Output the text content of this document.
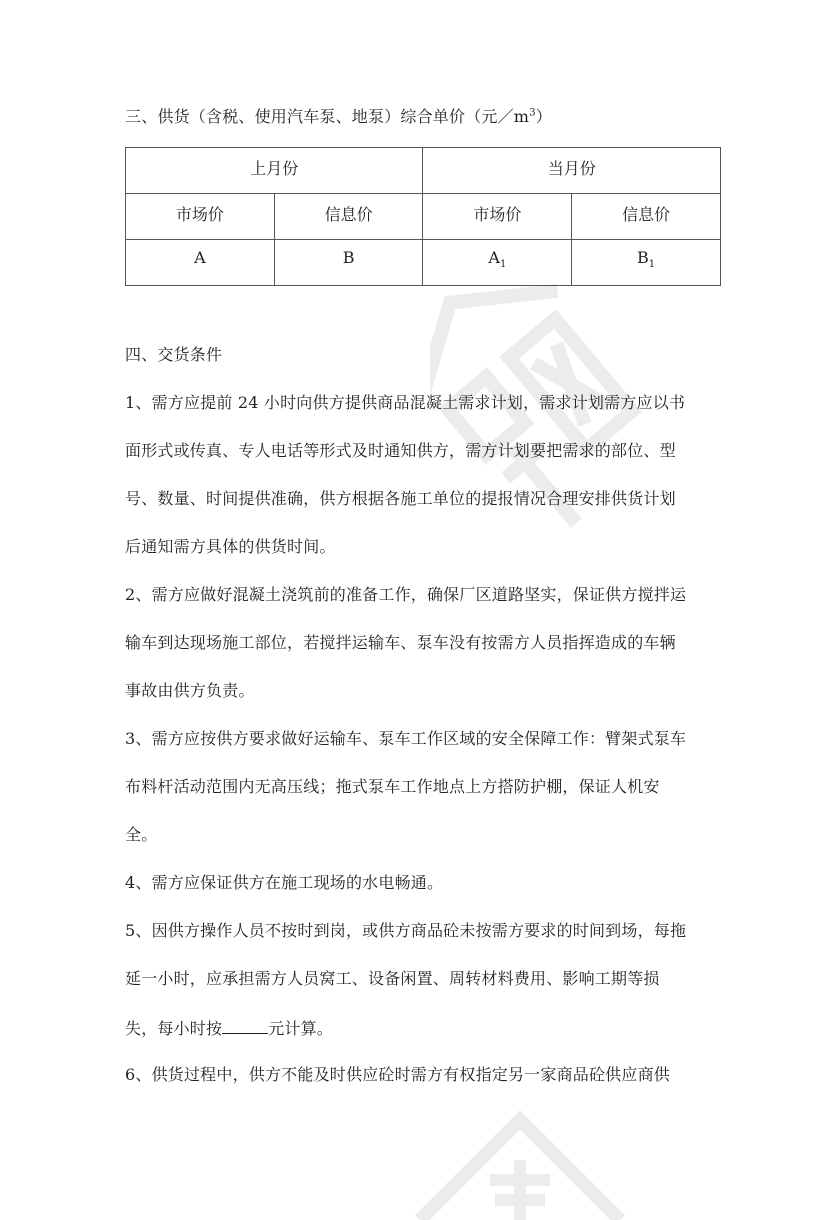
三、供货（含税、使用汽车泵、地泵）综合单价（元$/m^3$）
上月份		当月份	
市场价	信息价	市场价	信息价
A	B	$A_1$	$B_1$
四、交货条件
1、需方应提前 24 小时向供方提供商品混凝土需求计划，需求计划需方应以书
面形式或传真、专人电话等形式及时通知供方，需方计划要把需求的部位、型
号、数量、时间提供准确，供方根据各施工单位的提报情况合理安排供货计划
后通知需方具体的供货时间。
2、需方应做好混凝土浇筑前的准备工作，确保厂区道路坚实，保证供方搅拌运
输车到达现场施工部位，若搅拌运输车、泵车没有按需方人员指挥造成的车辆
事故由供方负责。
3、需方应按供方要求做好运输车、泵车工作区域的安全保障工作：臂架式泵车
布料杆活动范围内无高压线；拖式泵车工作地点上方搭防护棚，保证人机安
全。
4、需方应保证供方在施工现场的水电畅通。
5、因供方操作人员不按时到岗，或供方商品砼未按需方要求的时间到场，每拖
延一小时，应承担需方人员窝工、设备闲置、周转材料费用、影响工期等损
失，每小时按	元计算。
6、供货过程中，供方不能及时供应砼时需方有权指定另一家商品砼供应商供
